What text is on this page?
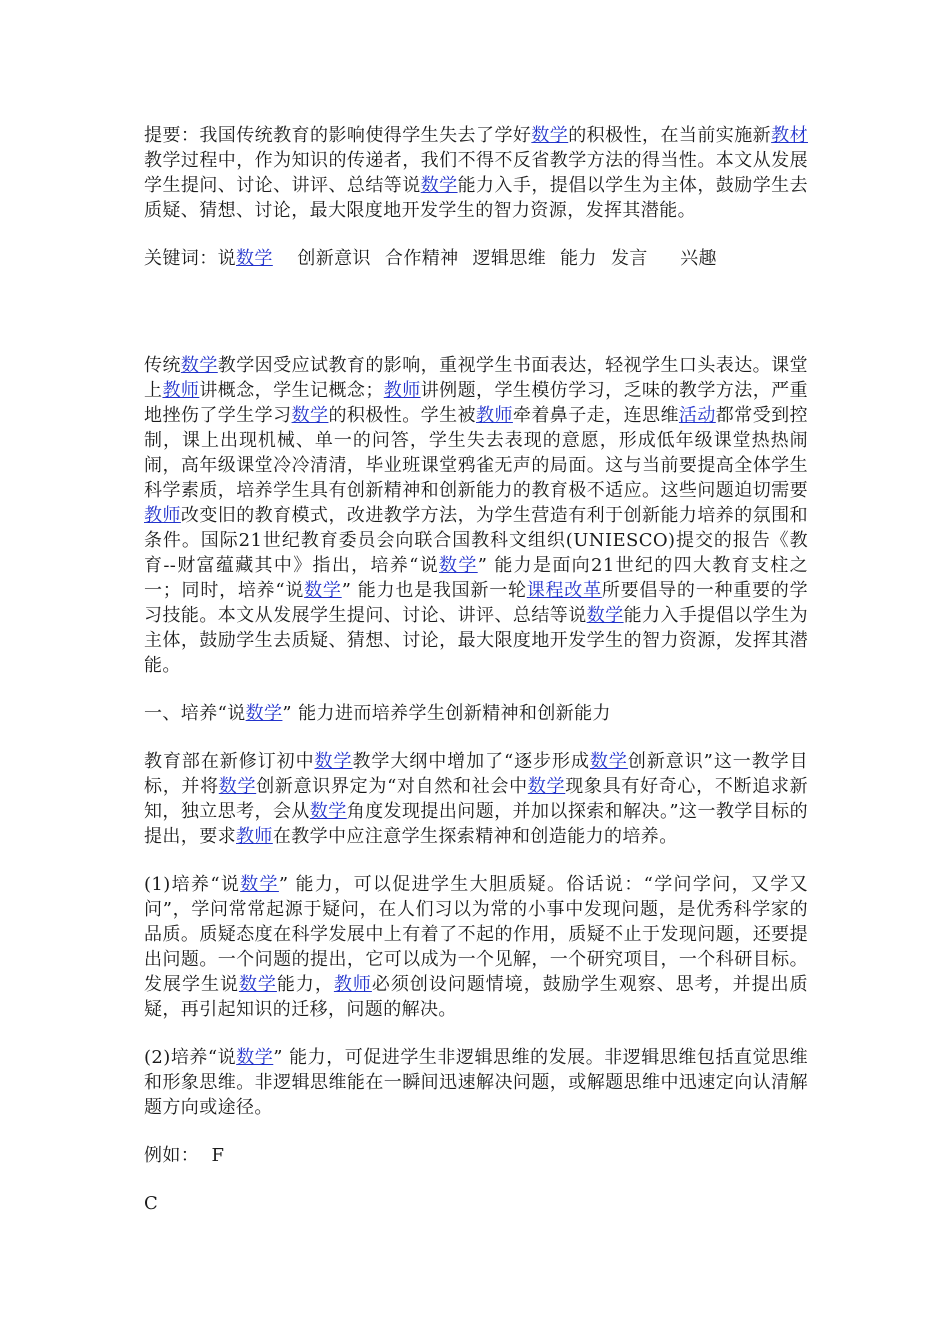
提要：我国传统教育的影响使得学生失去了学好数学的积极性，在当前实施新教材教学过程中，作为知识的传递者，我们不得不反省教学方法的得当性。本文从发展学生提问、讨论、讲评、总结等说数学能力入手，提倡以学生为主体，鼓励学生去质疑、猜想、讨论，最大限度地开发学生的智力资源，发挥其潜能。

关键词：说数学 创新意识 合作精神 逻辑思维 能力 发言 兴趣

传统数学教学因受应试教育的影响，重视学生书面表达，轻视学生口头表达。课堂上教师讲概念，学生记概念；教师讲例题，学生模仿学习，乏味的教学方法，严重地挫伤了学生学习数学的积极性。学生被教师牵着鼻子走，连思维活动都常受到控制，课上出现机械、单一的问答，学生失去表现的意愿，形成低年级课堂热热闹闹，高年级课堂冷冷清清，毕业班课堂鸦雀无声的局面。这与当前要提高全体学生科学素质，培养学生具有创新精神和创新能力的教育极不适应。这些问题迫切需要教师改变旧的教育模式，改进教学方法，为学生营造有利于创新能力培养的氛围和条件。国际21世纪教育委员会向联合国教科文组织(UNIESCO)提交的报告《教育--财富蕴藏其中》指出，培养“说数学” 能力是面向21世纪的四大教育支柱之一；同时，培养“说数学” 能力也是我国新一轮课程改革所要倡导的一种重要的学习技能。本文从发展学生提问、讨论、讲评、总结等说数学能力入手提倡以学生为主体，鼓励学生去质疑、猜想、讨论，最大限度地开发学生的智力资源，发挥其潜能。

一、培养“说数学” 能力进而培养学生创新精神和创新能力

教育部在新修订初中数学教学大纲中增加了“逐步形成数学创新意识”这一教学目标，并将数学创新意识界定为“对自然和社会中数学现象具有好奇心，不断追求新知，独立思考，会从数学角度发现提出问题，并加以探索和解决。”这一教学目标的提出，要求教师在教学中应注意学生探索精神和创造能力的培养。

(1)培养“说数学” 能力，可以促进学生大胆质疑。俗话说：“学问学问，又学又问”，学问常常起源于疑问，在人们习以为常的小事中发现问题，是优秀科学家的品质。质疑态度在科学发展中上有着了不起的作用，质疑不止于发现问题，还要提出问题。一个问题的提出，它可以成为一个见解，一个研究项目，一个科研目标。发展学生说数学能力，教师必须创设问题情境，鼓励学生观察、思考，并提出质疑，再引起知识的迁移，问题的解决。

(2)培养“说数学” 能力，可促进学生非逻辑思维的发展。非逻辑思维包括直觉思维和形象思维。非逻辑思维能在一瞬间迅速解决问题，或解题思维中迅速定向认清解题方向或途径。

例如： F

C
